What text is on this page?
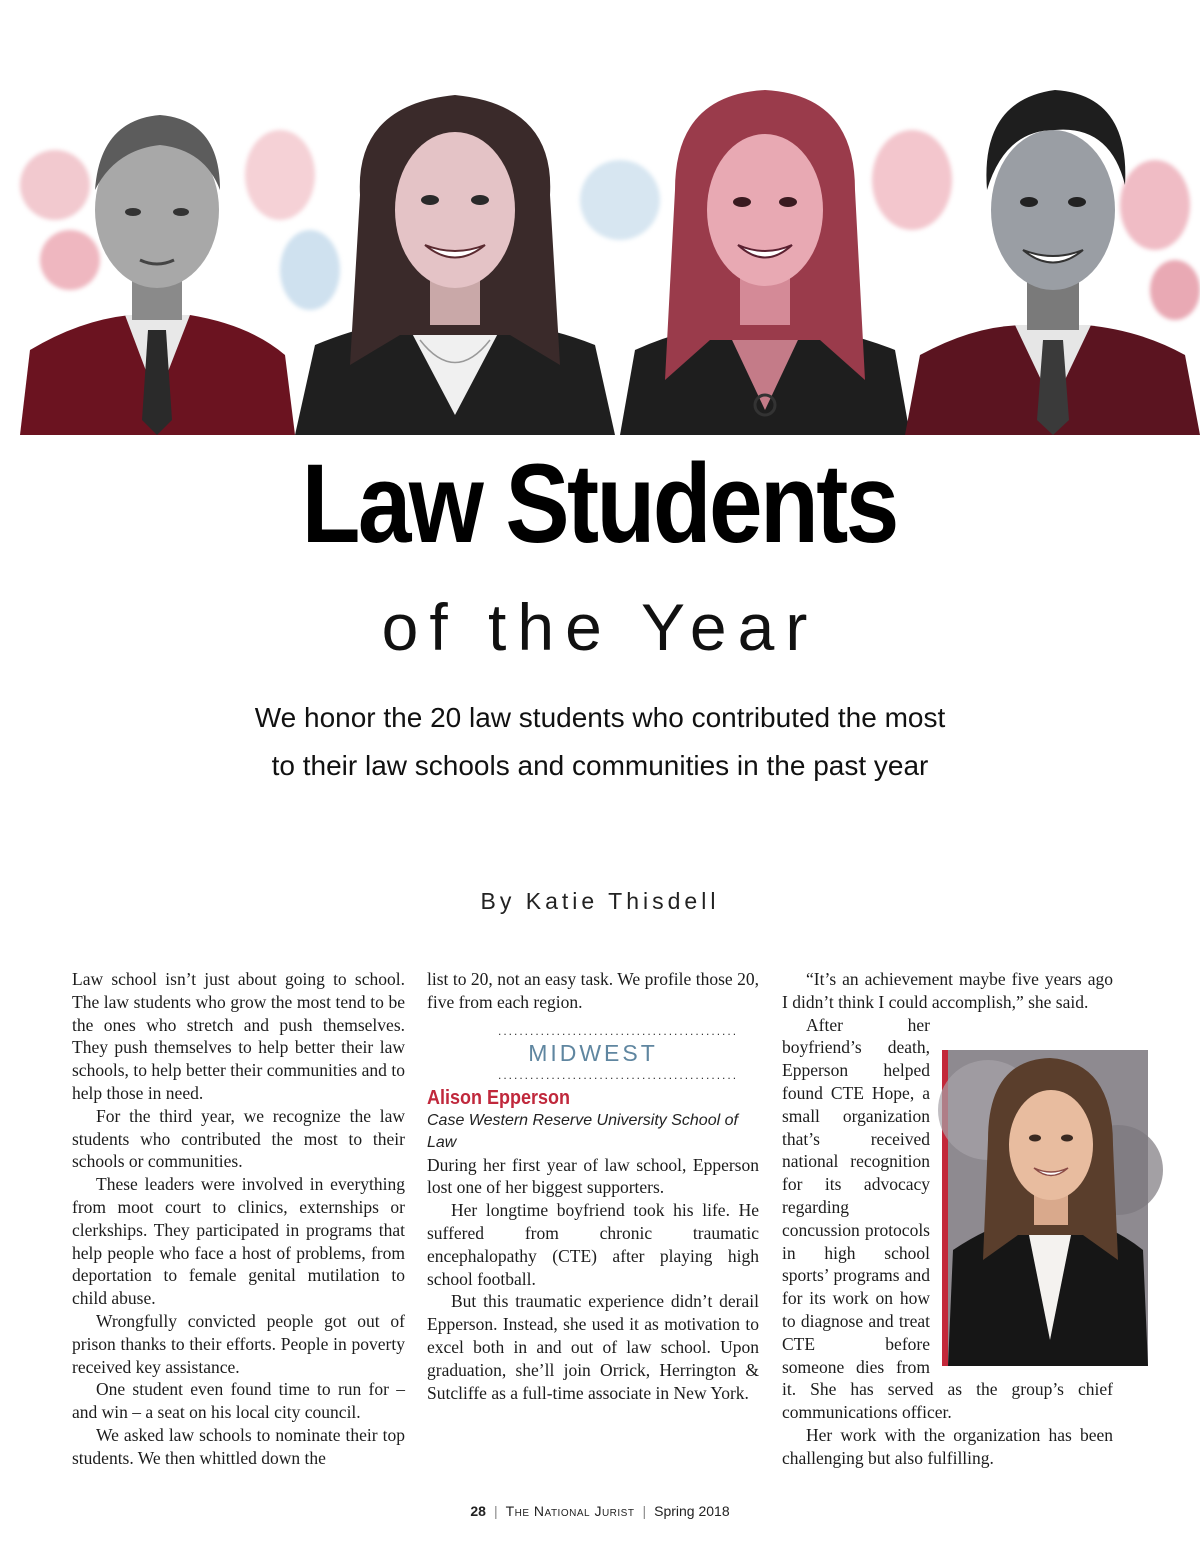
Law Students
of the Year
We honor the 20 law students who contributed the most to their law schools and communities in the past year
By Katie Thisdell

Law school isn’t just about going to school. The law students who grow the most tend to be the ones who stretch and push themselves. They push themselves to help better their law schools, to help better their communities and to help those in need.

For the third year, we recognize the law students who contributed the most to their schools or communities.

These leaders were involved in everything from moot court to clinics, externships or clerkships. They participated in programs that help people who face a host of problems, from deportation to female genital mutilation to child abuse.

Wrongfully convicted people got out of prison thanks to their efforts. People in poverty received key assistance.

One student even found time to run for – and win – a seat on his local city council.

We asked law schools to nominate their top students. We then whittled down the

list to 20, not an easy task. We profile those 20, five from each region.

.............................................
MIDWEST
.............................................
Alison Epperson
Case Western Reserve University School of Law

During her first year of law school, Epperson lost one of her biggest supporters.

Her longtime boyfriend took his life. He suffered from chronic traumatic encephalopathy (CTE) after playing high school football.

But this traumatic experience didn’t derail Epperson. Instead, she used it as motivation to excel both in and out of law school. Upon graduation, she’ll join Orrick, Herrington & Sutcliffe as a full-time associate in New York.

“It’s an achievement maybe five years ago I didn’t think I could accomplish,” she said.

After her boyfriend’s death, Epperson helped found CTE Hope, a small organization that’s received national recognition for its advocacy regarding concussion protocols in high school sports’ programs and for its work on how to diagnose and treat CTE before someone dies from it. She has served as the group’s chief communications officer.

Her work with the organization has been challenging but also fulfilling.

28 | The National Jurist | Spring 2018
